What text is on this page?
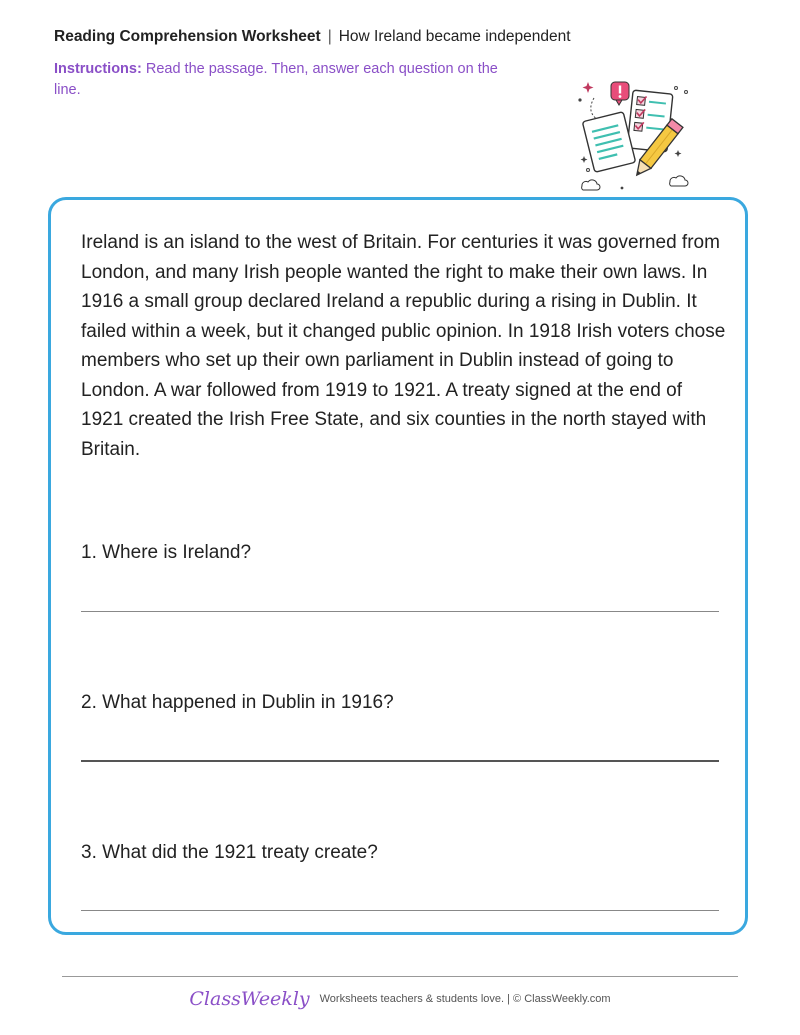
Reading Comprehension Worksheet | How Ireland became independent
Instructions: Read the passage. Then, answer each question on the line.

Ireland is an island to the west of Britain. For centuries it was governed from London, and many Irish people wanted the right to make their own laws. In 1916 a small group declared Ireland a republic during a rising in Dublin. It failed within a week, but it changed public opinion. In 1918 Irish voters chose members who set up their own parliament in Dublin instead of going to London. A war followed from 1919 to 1921. A treaty signed at the end of 1921 created the Irish Free State, and six counties in the north stayed with Britain.

1. Where is Ireland?
2. What happened in Dublin in 1916?
3. What did the 1921 treaty create?
ClassWeekly Worksheets teachers & students love. | © ClassWeekly.com
